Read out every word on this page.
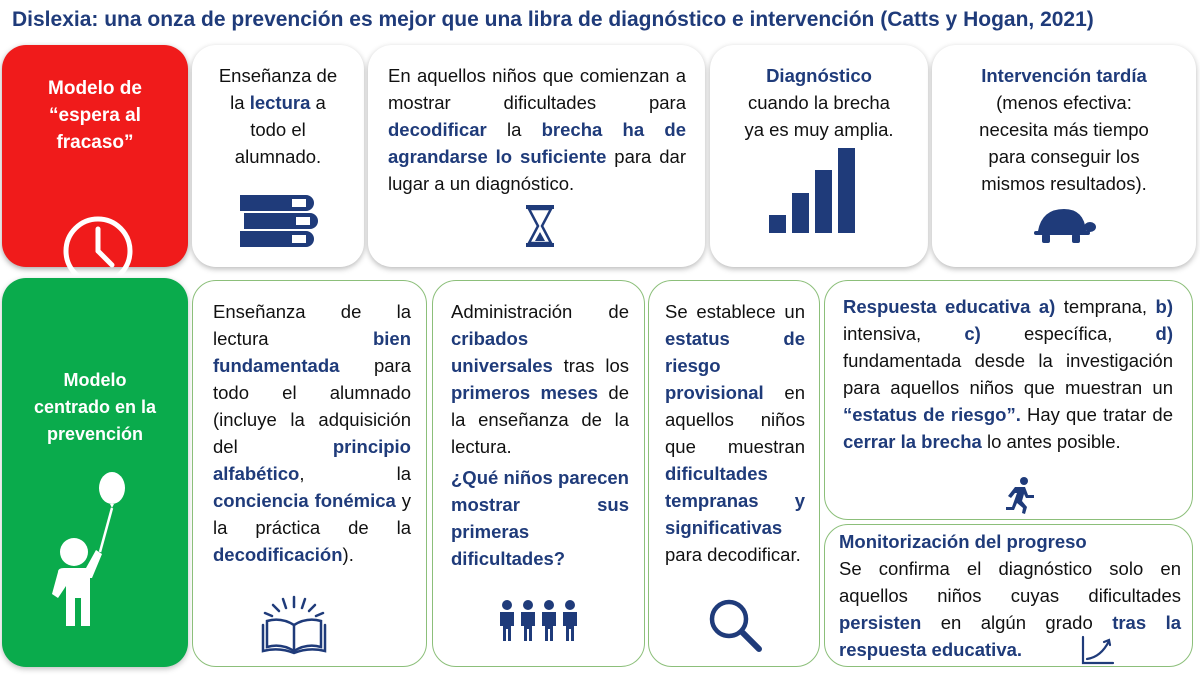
Dislexia: una onza de prevención es mejor que una libra de diagnóstico e intervención (Catts y Hogan, 2021)
Modelo de
“espera al
fracaso”
Enseñanza de
la lectura a
todo el
alumnado.
En aquellos niños que comienzan a mostrar dificultades para decodificar la brecha ha de agrandarse lo suficiente para dar lugar a un diagnóstico.
Diagnóstico
cuando la brecha
ya es muy amplia.
Intervención tardía
(menos efectiva:
necesita más tiempo
para conseguir los
mismos resultados).
Modelo
centrado en la
prevención
Enseñanza de la lectura bien fundamentada para todo el alumnado (incluye la adquisición del principio alfabético, la conciencia fonémica y la práctica de la decodificación).
Administración de cribados universales tras los primeros meses de la enseñanza de la lectura.
¿Qué niños parecen mostrar sus primeras dificultades?
Se establece un estatus de riesgo provisional en aquellos niños que muestran dificultades tempranas y significativas para decodificar.
Respuesta educativa a) temprana, b) intensiva, c) específica, d) fundamentada desde la investigación para aquellos niños que muestran un “estatus de riesgo”. Hay que tratar de cerrar la brecha lo antes posible.
Monitorización del progreso
Se confirma el diagnóstico solo en aquellos niños cuyas dificultades persisten en algún grado tras la respuesta educativa.
